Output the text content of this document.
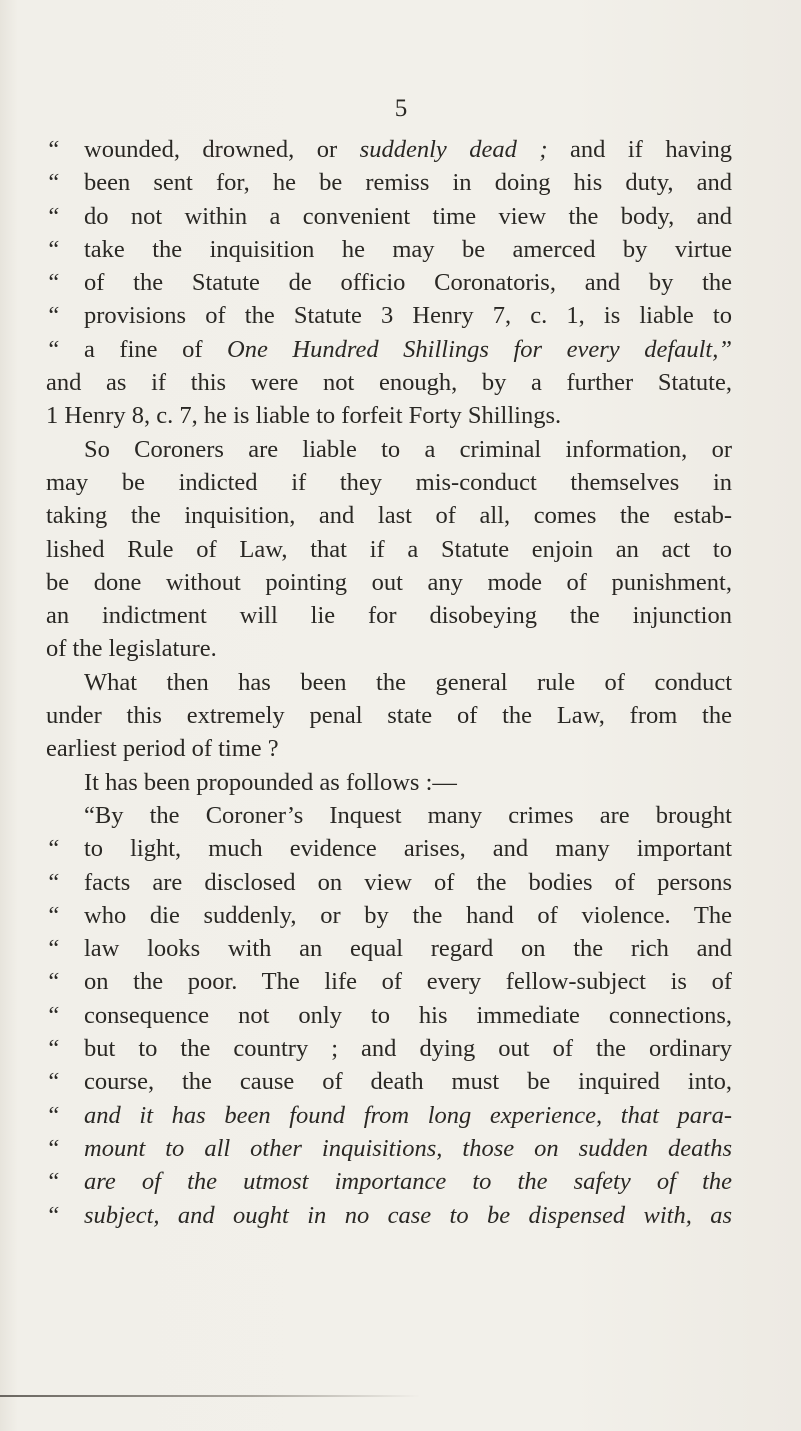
5
“ wounded, drowned, or suddenly dead ; and if having
“ been sent for, he be remiss in doing his duty, and
“ do not within a convenient time view the body, and
“ take the inquisition he may be amerced by virtue
“ of the Statute de officio Coronatoris, and by the
“ provisions of the Statute 3 Henry 7, c. 1, is liable to
“ a fine of One Hundred Shillings for every default,”
and as if this were not enough, by a further Statute,
1 Henry 8, c. 7, he is liable to forfeit Forty Shillings.
So Coroners are liable to a criminal information, or
may be indicted if they mis-conduct themselves in
taking the inquisition, and last of all, comes the estab-
lished Rule of Law, that if a Statute enjoin an act to
be done without pointing out any mode of punishment,
an indictment will lie for disobeying the injunction
of the legislature.
What then has been the general rule of conduct
under this extremely penal state of the Law, from the
earliest period of time ?
It has been propounded as follows :—
“By the Coroner’s Inquest many crimes are brought
“ to light, much evidence arises, and many important
“ facts are disclosed on view of the bodies of persons
“ who die suddenly, or by the hand of violence. The
“ law looks with an equal regard on the rich and
“ on the poor. The life of every fellow-subject is of
“ consequence not only to his immediate connections,
“ but to the country ; and dying out of the ordinary
“ course, the cause of death must be inquired into,
“ and it has been found from long experience, that para-
“ mount to all other inquisitions, those on sudden deaths
“ are of the utmost importance to the safety of the
“ subject, and ought in no case to be dispensed with, as
